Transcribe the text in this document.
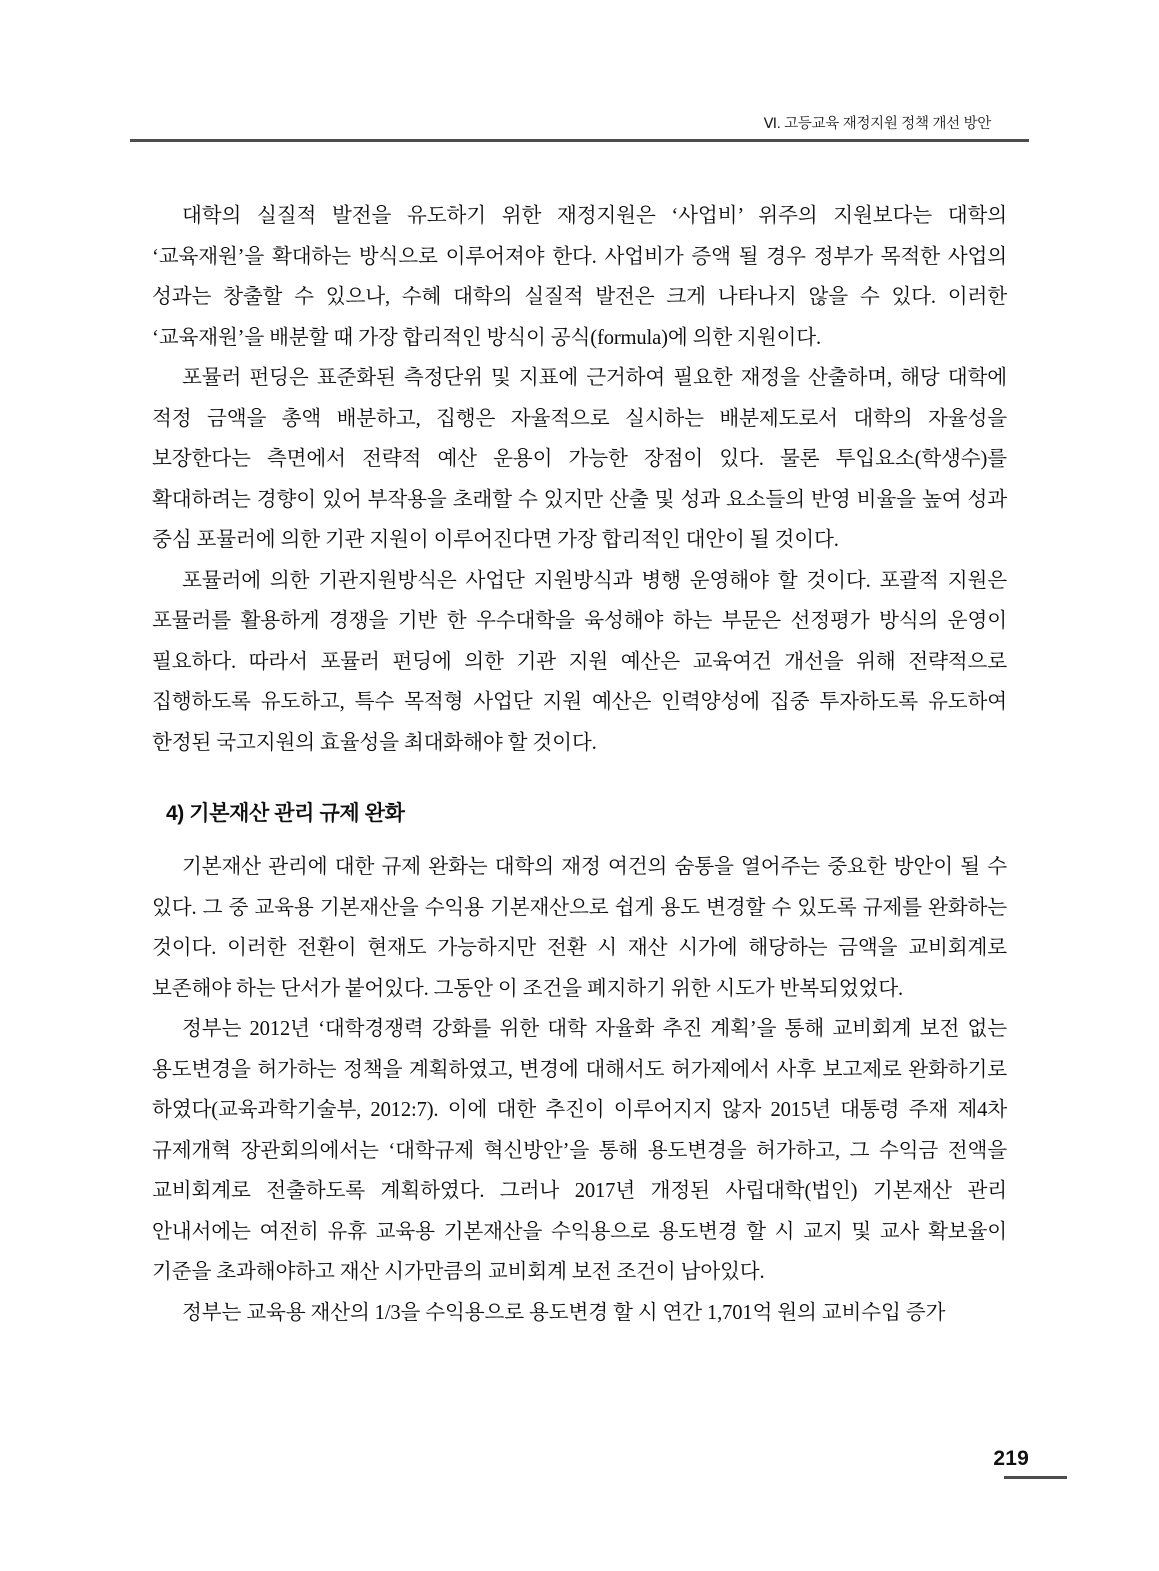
Ⅵ. 고등교육 재정지원 정책 개선 방안

대학의 실질적 발전을 유도하기 위한 재정지원은 ‘사업비’ 위주의 지원보다는 대학의 ‘교육재원’을 확대하는 방식으로 이루어져야 한다. 사업비가 증액 될 경우 정부가 목적한 사업의 성과는 창출할 수 있으나, 수혜 대학의 실질적 발전은 크게 나타나지 않을 수 있다. 이러한 ‘교육재원’을 배분할 때 가장 합리적인 방식이 공식(formula)에 의한 지원이다.

포뮬러 펀딩은 표준화된 측정단위 및 지표에 근거하여 필요한 재정을 산출하며, 해당 대학에 적정 금액을 총액 배분하고, 집행은 자율적으로 실시하는 배분제도로서 대학의 자율성을 보장한다는 측면에서 전략적 예산 운용이 가능한 장점이 있다. 물론 투입요소(학생수)를 확대하려는 경향이 있어 부작용을 초래할 수 있지만 산출 및 성과 요소들의 반영 비율을 높여 성과 중심 포뮬러에 의한 기관 지원이 이루어진다면 가장 합리적인 대안이 될 것이다.

포뮬러에 의한 기관지원방식은 사업단 지원방식과 병행 운영해야 할 것이다. 포괄적 지원은 포뮬러를 활용하게 경쟁을 기반 한 우수대학을 육성해야 하는 부문은 선정평가 방식의 운영이 필요하다. 따라서 포뮬러 펀딩에 의한 기관 지원 예산은 교육여건 개선을 위해 전략적으로 집행하도록 유도하고, 특수 목적형 사업단 지원 예산은 인력양성에 집중 투자하도록 유도하여 한정된 국고지원의 효율성을 최대화해야 할 것이다.

4) 기본재산 관리 규제 완화

기본재산 관리에 대한 규제 완화는 대학의 재정 여건의 숨통을 열어주는 중요한 방안이 될 수 있다. 그 중 교육용 기본재산을 수익용 기본재산으로 쉽게 용도 변경할 수 있도록 규제를 완화하는 것이다. 이러한 전환이 현재도 가능하지만 전환 시 재산 시가에 해당하는 금액을 교비회계로 보존해야 하는 단서가 붙어있다. 그동안 이 조건을 폐지하기 위한 시도가 반복되었었다.

정부는 2012년 ‘대학경쟁력 강화를 위한 대학 자율화 추진 계획’을 통해 교비회계 보전 없는 용도변경을 허가하는 정책을 계획하였고, 변경에 대해서도 허가제에서 사후 보고제로 완화하기로 하였다(교육과학기술부, 2012:7). 이에 대한 추진이 이루어지지 않자 2015년 대통령 주재 제4차 규제개혁 장관회의에서는 ‘대학규제 혁신방안’을 통해 용도변경을 허가하고, 그 수익금 전액을 교비회계로 전출하도록 계획하였다. 그러나 2017년 개정된 사립대학(법인) 기본재산 관리 안내서에는 여전히 유휴 교육용 기본재산을 수익용으로 용도변경 할 시 교지 및 교사 확보율이 기준을 초과해야하고 재산 시가만큼의 교비회계 보전 조건이 남아있다.

정부는 교육용 재산의 1/3을 수익용으로 용도변경 할 시 연간 1,701억 원의 교비수입 증가

219
